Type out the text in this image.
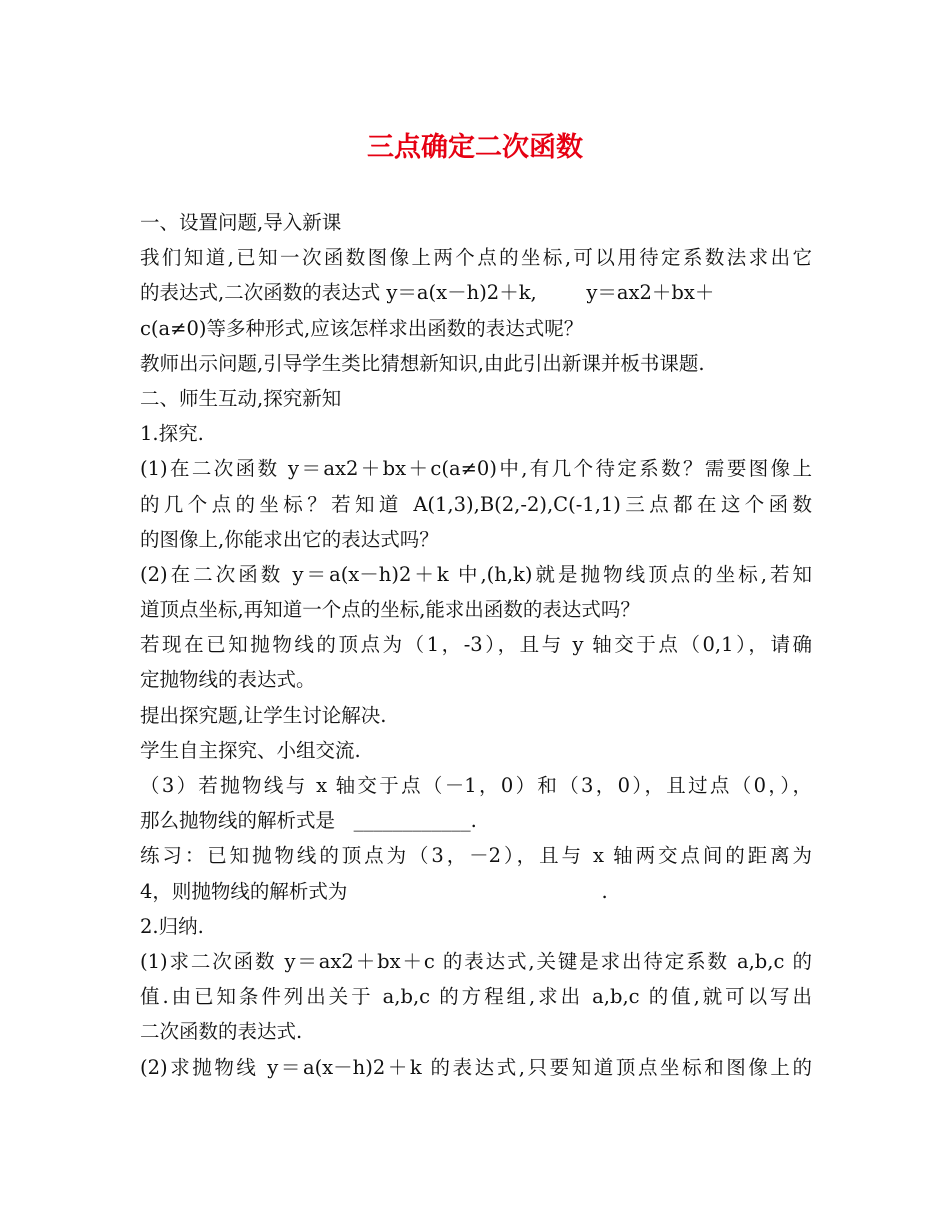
三点确定二次函数
一、设置问题,导入新课
我们知道,已知一次函数图像上两个点的坐标,可以用待定系数法求出它
的表达式,二次函数的表达式 y＝a(x－h)2＋k,        y＝ax2＋bx＋
c(a≠0)等多种形式,应该怎样求出函数的表达式呢？
教师出示问题,引导学生类比猜想新知识,由此引出新课并板书课题.
二、师生互动,探究新知
1.探究.
(1)在二次函数 y＝ax2＋bx＋c(a≠0)中,有几个待定系数？需要图像上
的几个点的坐标？若知道 A(1,3),B(2,-2),C(-1,1)三点都在这个函数
的图像上,你能求出它的表达式吗？
(2)在二次函数 y＝a(x－h)2＋k 中,(h,k)就是抛物线顶点的坐标,若知
道顶点坐标,再知道一个点的坐标,能求出函数的表达式吗？
若现在已知抛物线的顶点为（1，-3），且与 y 轴交于点（0,1），请确
定抛物线的表达式。
提出探究题,让学生讨论解决.
学生自主探究、小组交流.
（3）若抛物线与 x 轴交于点（－1，0）和（3，0），且过点（0，），
那么抛物线的解析式是   ____________.
练习：已知抛物线的顶点为（3，－2），且与 x 轴两交点间的距离为
4，则抛物线的解析式为                                         .
2.归纳.
(1)求二次函数 y＝ax2＋bx＋c 的表达式,关键是求出待定系数 a,b,c 的
值.由已知条件列出关于 a,b,c 的方程组,求出 a,b,c 的值,就可以写出
二次函数的表达式.
(2)求抛物线 y＝a(x－h)2＋k 的表达式,只要知道顶点坐标和图像上的
